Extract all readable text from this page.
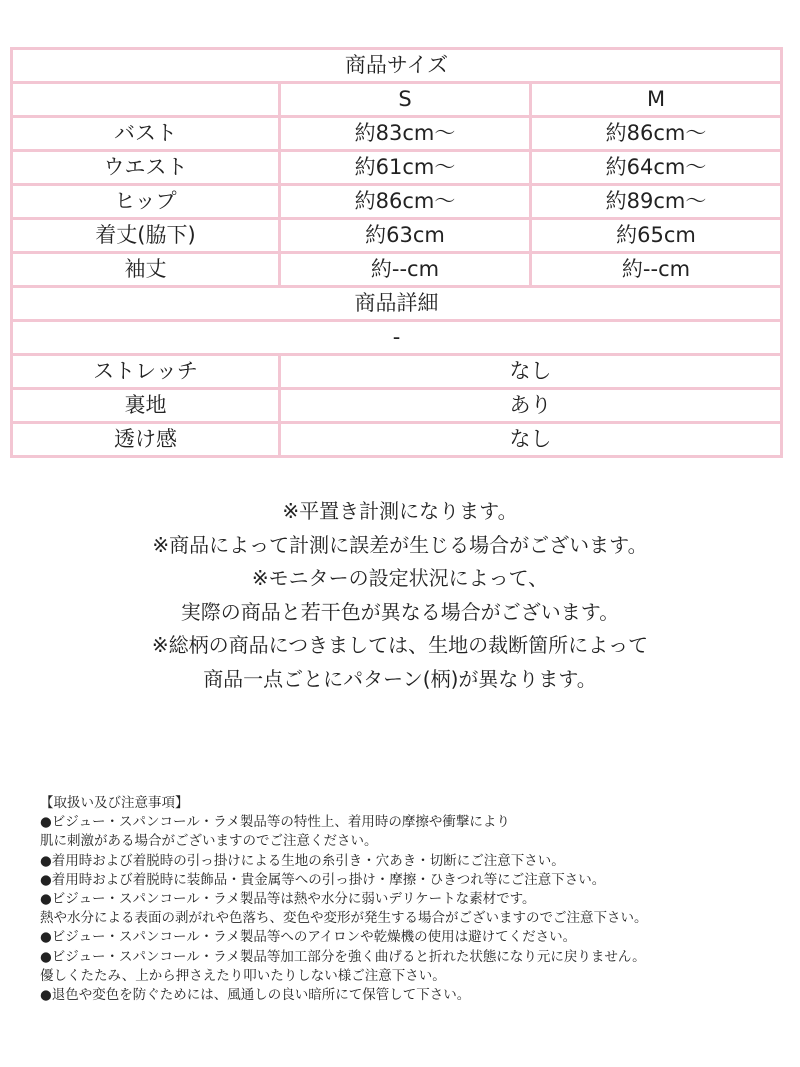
商品サイズ		
	S	M
バスト	約83cm～	約86cm～
ウエスト	約61cm～	約64cm～
ヒップ	約86cm～	約89cm～
着丈(脇下)	約63cm	約65cm
袖丈	約--cm	約--cm
商品詳細		
-		
ストレッチ	なし	
裏地	あり	
透け感	なし	
※平置き計測になります。
※商品によって計測に誤差が生じる場合がございます。
※モニターの設定状況によって、
実際の商品と若干色が異なる場合がございます。
※総柄の商品につきましては、生地の裁断箇所によって
商品一点ごとにパターン(柄)が異なります。
【取扱い及び注意事項】
●ビジュー・スパンコール・ラメ製品等の特性上、着用時の摩擦や衝撃により
肌に刺激がある場合がございますのでご注意ください。
●着用時および着脱時の引っ掛けによる生地の糸引き・穴あき・切断にご注意下さい。
●着用時および着脱時に装飾品・貴金属等への引っ掛け・摩擦・ひきつれ等にご注意下さい。
●ビジュー・スパンコール・ラメ製品等は熱や水分に弱いデリケートな素材です。
熱や水分による表面の剥がれや色落ち、変色や変形が発生する場合がございますのでご注意下さい。
●ビジュー・スパンコール・ラメ製品等へのアイロンや乾燥機の使用は避けてください。
●ビジュー・スパンコール・ラメ製品等加工部分を強く曲げると折れた状態になり元に戻りません。
優しくたたみ、上から押さえたり叩いたりしない様ご注意下さい。
●退色や変色を防ぐためには、風通しの良い暗所にて保管して下さい。
